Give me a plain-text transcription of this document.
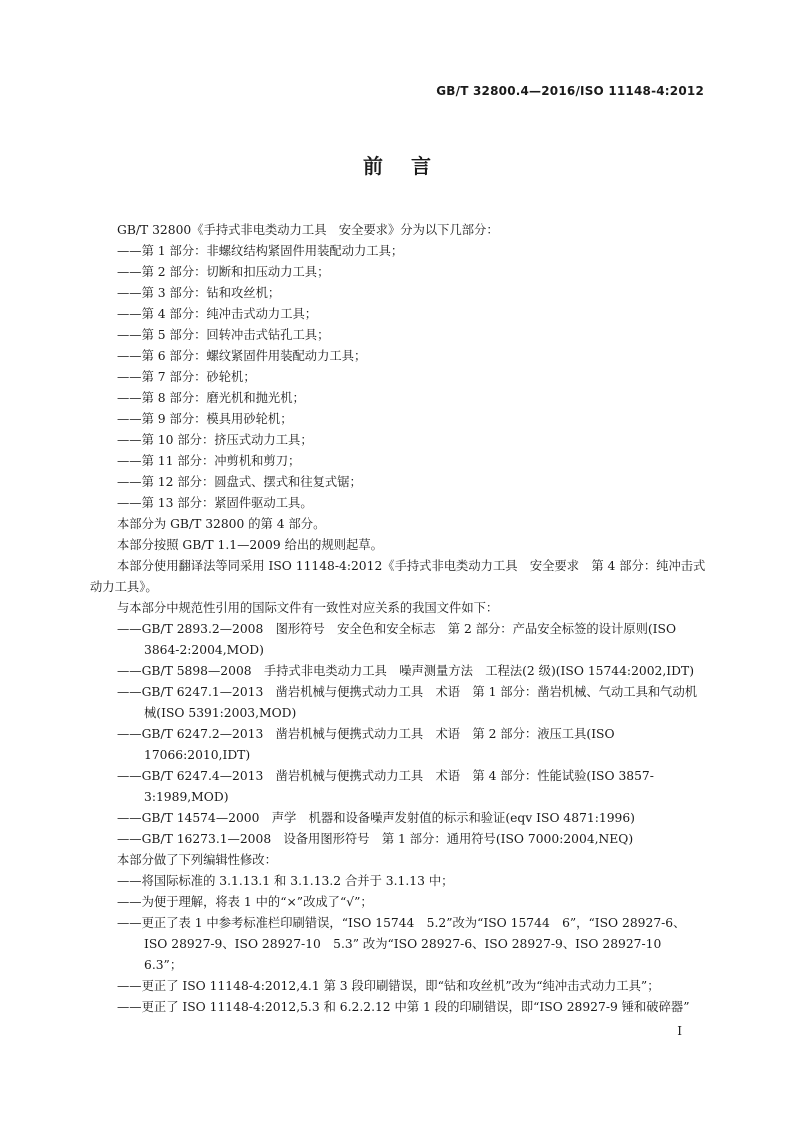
GB/T 32800.4—2016/ISO 11148-4:2012
前言

GB/T 32800《手持式非电类动力工具　安全要求》分为以下几部分：

——第 1 部分：非螺纹结构紧固件用装配动力工具；

——第 2 部分：切断和扣压动力工具；

——第 3 部分：钻和攻丝机；

——第 4 部分：纯冲击式动力工具；

——第 5 部分：回转冲击式钻孔工具；

——第 6 部分：螺纹紧固件用装配动力工具；

——第 7 部分：砂轮机；

——第 8 部分：磨光机和抛光机；

——第 9 部分：模具用砂轮机；

——第 10 部分：挤压式动力工具；

——第 11 部分：冲剪机和剪刀；

——第 12 部分：圆盘式、摆式和往复式锯；

——第 13 部分：紧固件驱动工具。

本部分为 GB/T 32800 的第 4 部分。

本部分按照 GB/T 1.1—2009 给出的规则起草。

本部分使用翻译法等同采用 ISO 11148-4:2012《手持式非电类动力工具　安全要求　第 4 部分：纯冲击式动力工具》。

与本部分中规范性引用的国际文件有一致性对应关系的我国文件如下：

——GB/T 2893.2—2008　图形符号　安全色和安全标志　第 2 部分：产品安全标签的设计原则(ISO 3864-2:2004,MOD)

——GB/T 5898—2008　手持式非电类动力工具　噪声测量方法　工程法(2 级)(ISO 15744:2002,IDT)

——GB/T 6247.1—2013　凿岩机械与便携式动力工具　术语　第 1 部分：凿岩机械、气动工具和气动机械(ISO 5391:2003,MOD)

——GB/T 6247.2—2013　凿岩机械与便携式动力工具　术语　第 2 部分：液压工具(ISO 17066:2010,IDT)

——GB/T 6247.4—2013　凿岩机械与便携式动力工具　术语　第 4 部分：性能试验(ISO 3857-3:1989,MOD)

——GB/T 14574—2000　声学　机器和设备噪声发射值的标示和验证(eqv ISO 4871:1996)

——GB/T 16273.1—2008　设备用图形符号　第 1 部分：通用符号(ISO 7000:2004,NEQ)

本部分做了下列编辑性修改：

——将国际标准的 3.1.13.1 和 3.1.13.2 合并于 3.1.13 中；

——为便于理解，将表 1 中的“×”改成了“√”；

——更正了表 1 中参考标准栏印刷错误，“ISO 15744　5.2”改为“ISO 15744　6”，“ISO 28927-6、ISO 28927-9、ISO 28927-10　5.3” 改为“ISO 28927-6、ISO 28927-9、ISO 28927-10　6.3”；

——更正了 ISO 11148-4:2012,4.1 第 3 段印刷错误，即“钻和攻丝机”改为“纯冲击式动力工具”；

——更正了 ISO 11148-4:2012,5.3 和 6.2.2.12 中第 1 段的印刷错误，即“ISO 28927-9 锤和破碎器”

I
